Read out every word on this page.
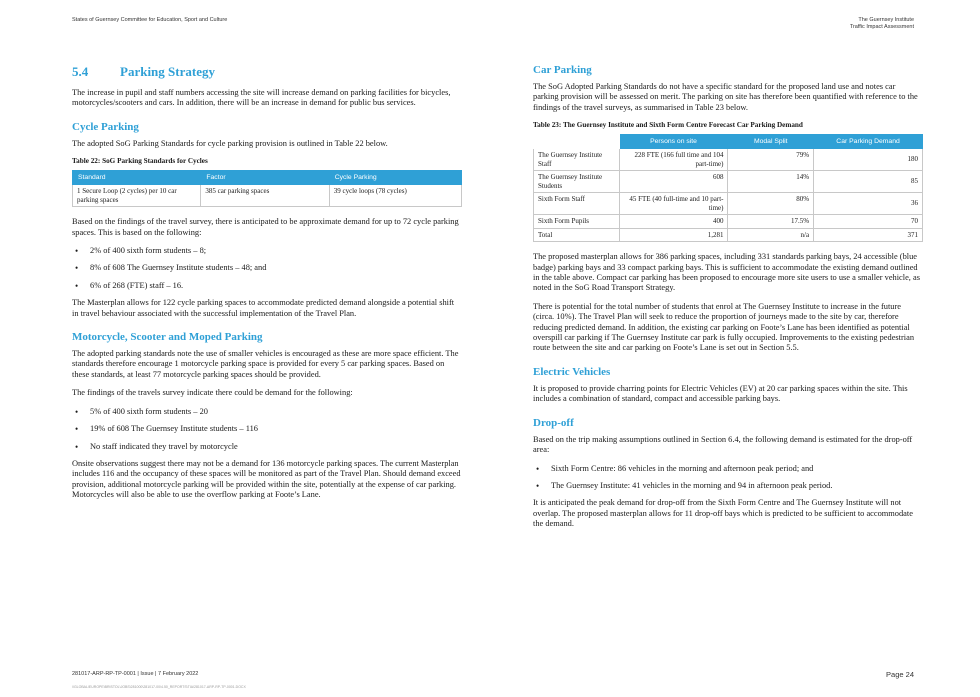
States of Guernsey Committee for Education, Sport and Culture	The Guernsey Institute
Traffic Impact Assessment
5.4 Parking Strategy

The increase in pupil and staff numbers accessing the site will increase demand on parking facilities for bicycles, motorcycles/scooters and cars. In addition, there will be an increase in demand for public bus services.

Cycle Parking

The adopted SoG Parking Standards for cycle parking provision is outlined in Table 22 below.

Table 22: SoG Parking Standards for Cycles
Standard	Factor	Cycle Parking
1 Secure Loop (2 cycles) per 10 car parking spaces	385 car parking spaces	39 cycle loops (78 cycles)

Based on the findings of the travel survey, there is anticipated to be approximate demand for up to 72 cycle parking spaces. This is based on the following:

• 2% of 400 sixth form students – 8;
• 8% of 608 The Guernsey Institute students – 48; and
• 6% of 268 (FTE) staff – 16.

The Masterplan allows for 122 cycle parking spaces to accommodate predicted demand alongside a potential shift in travel behaviour associated with the successful implementation of the Travel Plan.

Motorcycle, Scooter and Moped Parking

The adopted parking standards note the use of smaller vehicles is encouraged as these are more space efficient. The standards therefore encourage 1 motorcycle parking space is provided for every 5 car parking spaces. Based on these standards, at least 77 motorcycle parking spaces should be provided.

The findings of the travels survey indicate there could be demand for the following:

• 5% of 400 sixth form students – 20
• 19% of 608 The Guernsey Institute students – 116
• No staff indicated they travel by motorcycle

Onsite observations suggest there may not be a demand for 136 motorcycle parking spaces. The current Masterplan includes 116 and the occupancy of these spaces will be monitored as part of the Travel Plan. Should demand exceed provision, additional motorcycle parking will be provided within the site, potentially at the expense of car parking. Motorcycles will also be able to use the overflow parking at Foote’s Lane.

Car Parking

The SoG Adopted Parking Standards do not have a specific standard for the proposed land use and notes car parking provision will be assessed on merit. The parking on site has therefore been quantified with reference to the findings of the travel surveys, as summarised in Table 23 below.

Table 23: The Guernsey Institute and Sixth Form Centre Forecast Car Parking Demand
	Persons on site	Modal Split	Car Parking Demand
The Guernsey Institute Staff	228 FTE (166 full time and 104 part-time)	79%	180
The Guernsey Institute Students	608	14%	85
Sixth Form Staff	45 FTE (40 full-time and 10 part-time)	80%	36
Sixth Form Pupils	400	17.5%	70
Total	1,281	n/a	371

The proposed masterplan allows for 386 parking spaces, including 331 standards parking bays, 24 accessible (blue badge) parking bays and 33 compact parking bays. This is sufficient to accommodate the existing demand outlined in the table above. Compact car parking has been proposed to encourage more site users to use a smaller vehicle, as noted in the SoG Road Transport Strategy.

There is potential for the total number of students that enrol at The Guernsey Institute to increase in the future (circa. 10%). The Travel Plan will seek to reduce the proportion of journeys made to the site by car, therefore reducing predicted demand. In addition, the existing car parking on Foote’s Lane has been identified as potential overspill car parking if The Guernsey Institute car park is fully occupied. Improvements to the existing pedestrian route between the site and car parking on Foote’s Lane is set out in Section 5.5.

Electric Vehicles

It is proposed to provide charring points for Electric Vehicles (EV) at 20 car parking spaces within the site. This includes a combination of standard, compact and accessible parking bays.

Drop-off

Based on the trip making assumptions outlined in Section 6.4, the following demand is estimated for the drop-off area:

• Sixth Form Centre: 86 vehicles in the morning and afternoon peak period; and
• The Guernsey Institute: 41 vehicles in the morning and 94 in afternoon peak period.

It is anticipated the peak demand for drop-off from the Sixth Form Centre and The Guernsey Institute will not overlap. The proposed masterplan allows for 11 drop-off bays which is predicted to be sufficient to accommodate the demand.

281017-ARP-RP-TP-0001 | Issue | 7 February 2022
\\GLOBAL\EUROPE\BRISTOL\JOBS\281000\281017-00\4.50_REPORTS\TIA\281017-ARP-RP-TP-0001.DOCX
Page 24
